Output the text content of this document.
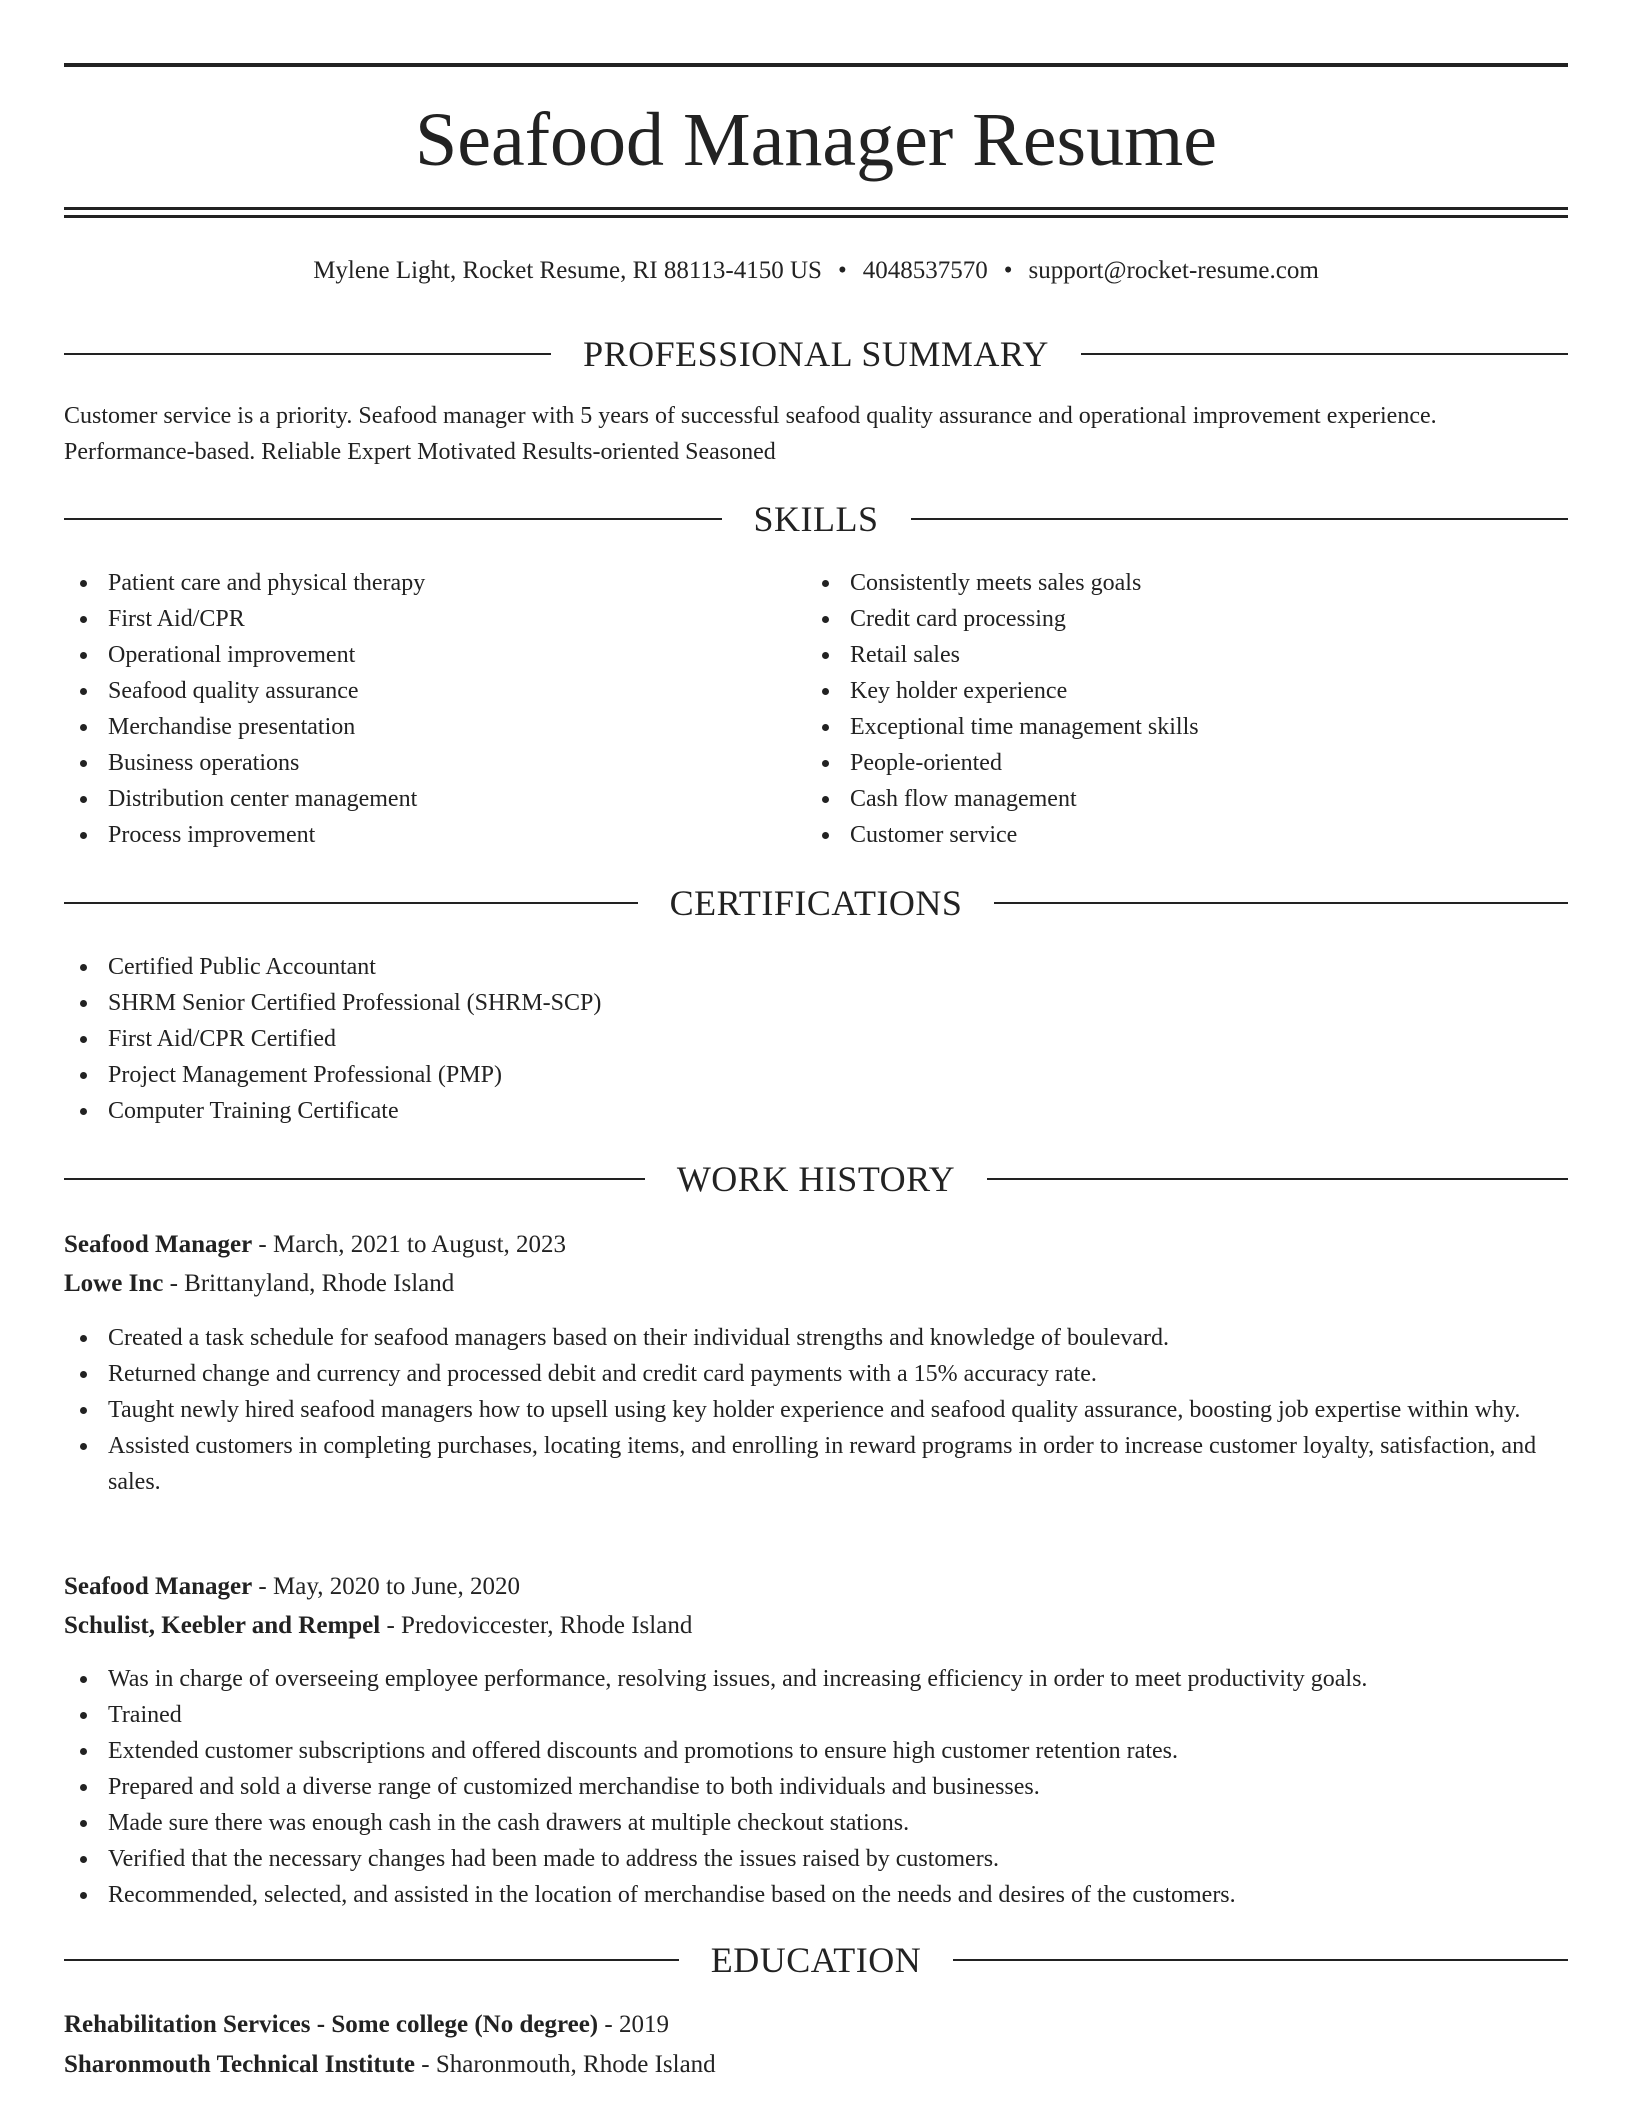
Seafood Manager Resume
Mylene Light, Rocket Resume, RI 88113-4150 US • 4048537570 • support@rocket-resume.com
PROFESSIONAL SUMMARY

Customer service is a priority. Seafood manager with 5 years of successful seafood quality assurance and operational improvement experience. Performance-based. Reliable Expert Motivated Results-oriented Seasoned

SKILLS
Patient care and physical therapy
First Aid/CPR
Operational improvement
Seafood quality assurance
Merchandise presentation
Business operations
Distribution center management
Process improvement
Consistently meets sales goals
Credit card processing
Retail sales
Key holder experience
Exceptional time management skills
People-oriented
Cash flow management
Customer service
CERTIFICATIONS
Certified Public Accountant
SHRM Senior Certified Professional (SHRM-SCP)
First Aid/CPR Certified
Project Management Professional (PMP)
Computer Training Certificate
WORK HISTORY
Seafood Manager - March, 2021 to August, 2023
Lowe Inc - Brittanyland, Rhode Island
Created a task schedule for seafood managers based on their individual strengths and knowledge of boulevard.
Returned change and currency and processed debit and credit card payments with a 15% accuracy rate.
Taught newly hired seafood managers how to upsell using key holder experience and seafood quality assurance, boosting job expertise within why.
Assisted customers in completing purchases, locating items, and enrolling in reward programs in order to increase customer loyalty, satisfaction, and sales.
Seafood Manager - May, 2020 to June, 2020
Schulist, Keebler and Rempel - Predoviccester, Rhode Island
Was in charge of overseeing employee performance, resolving issues, and increasing efficiency in order to meet productivity goals.
Trained
Extended customer subscriptions and offered discounts and promotions to ensure high customer retention rates.
Prepared and sold a diverse range of customized merchandise to both individuals and businesses.
Made sure there was enough cash in the cash drawers at multiple checkout stations.
Verified that the necessary changes had been made to address the issues raised by customers.
Recommended, selected, and assisted in the location of merchandise based on the needs and desires of the customers.
EDUCATION
Rehabilitation Services - Some college (No degree) - 2019
Sharonmouth Technical Institute - Sharonmouth, Rhode Island
